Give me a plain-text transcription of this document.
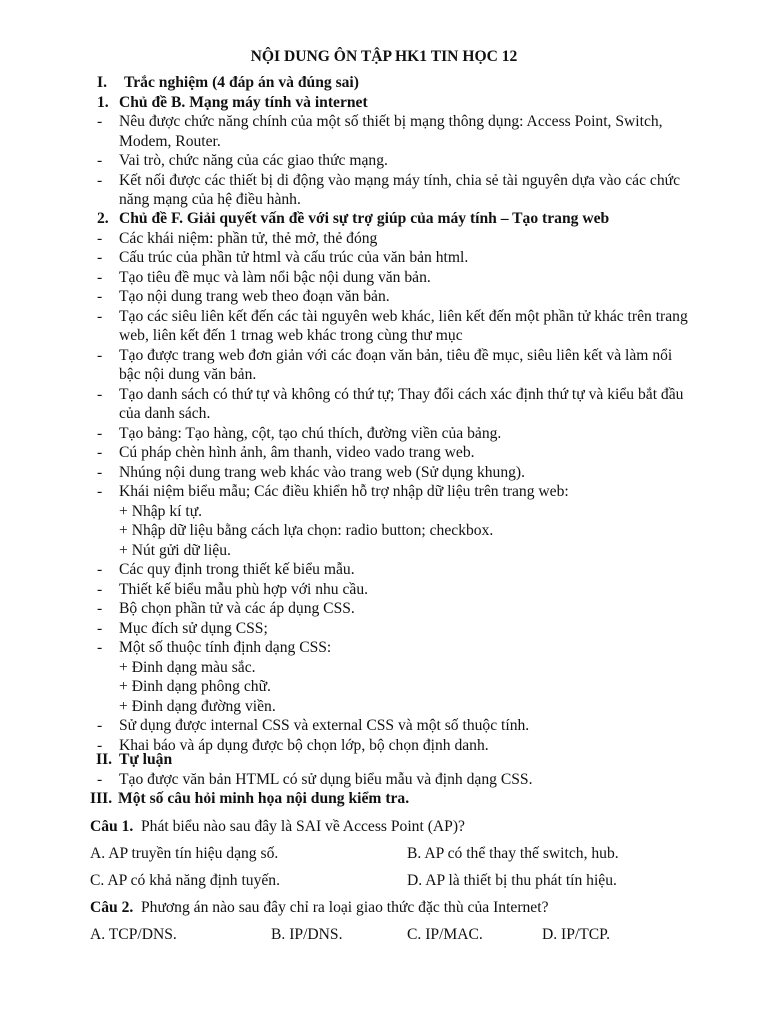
NỘI DUNG ÔN TẬP HK1 TIN HỌC 12
I. Trắc nghiệm (4 đáp án và đúng sai)
1. Chủ đề B. Mạng máy tính và internet
- Nêu được chức năng chính của một số thiết bị mạng thông dụng: Access Point, Switch,
Modem, Router.
- Vai trò, chức năng của các giao thức mạng.
- Kết nối được các thiết bị di động vào mạng máy tính, chia sẻ tài nguyên dựa vào các chức
năng mạng của hệ điều hành.
2. Chủ đề F. Giải quyết vấn đề với sự trợ giúp của máy tính – Tạo trang web
- Các khái niệm: phần tử, thẻ mở, thẻ đóng
- Cấu trúc của phần tử html và cấu trúc của văn bản html.
- Tạo tiêu đề mục và làm nổi bậc nội dung văn bản.
- Tạo nội dung trang web theo đoạn văn bản.
- Tạo các siêu liên kết đến các tài nguyên web khác, liên kết đến một phần tử khác trên trang
web, liên kết đến 1 trnag web khác trong cùng thư mục
- Tạo được trang web đơn giản với các đoạn văn bản, tiêu đề mục, siêu liên kết và làm nổi
bậc nội dung văn bản.
- Tạo danh sách có thứ tự và không có thứ tự; Thay đổi cách xác định thứ tự và kiểu bắt đầu
của danh sách.
- Tạo bảng: Tạo hàng, cột, tạo chú thích, đường viền của bảng.
- Cú pháp chèn hình ảnh, âm thanh, video vado trang web.
- Nhúng nội dung trang web khác vào trang web (Sử dụng khung).
- Khái niệm biểu mẫu; Các điều khiển hỗ trợ nhập dữ liệu trên trang web:
+ Nhập kí tự.
+ Nhập dữ liệu bằng cách lựa chọn: radio button; checkbox.
+ Nút gửi dữ liệu.
- Các quy định trong thiết kế biểu mẫu.
- Thiết kế biểu mẫu phù hợp với nhu cầu.
- Bộ chọn phần tử và các áp dụng CSS.
- Mục đích sử dụng CSS;
- Một số thuộc tính định dạng CSS:
+ Đinh dạng màu sắc.
+ Đinh dạng phông chữ.
+ Đinh dạng đường viền.
- Sử dụng được internal CSS và external CSS và một số thuộc tính.
- Khai báo và áp dụng được bộ chọn lớp, bộ chọn định danh.
II. Tự luận
- Tạo được văn bản HTML có sử dụng biểu mẫu và định dạng CSS.
III. Một số câu hỏi minh họa nội dung kiểm tra.
Câu 1. Phát biểu nào sau đây là SAI về Access Point (AP)?
A. AP truyền tín hiệu dạng số.	B. AP có thể thay thế switch, hub.
C. AP có khả năng định tuyến.	D. AP là thiết bị thu phát tín hiệu.
Câu 2. Phương án nào sau đây chỉ ra loại giao thức đặc thù của Internet?
A. TCP/DNS.	B. IP/DNS.	C. IP/MAC.	D. IP/TCP.
